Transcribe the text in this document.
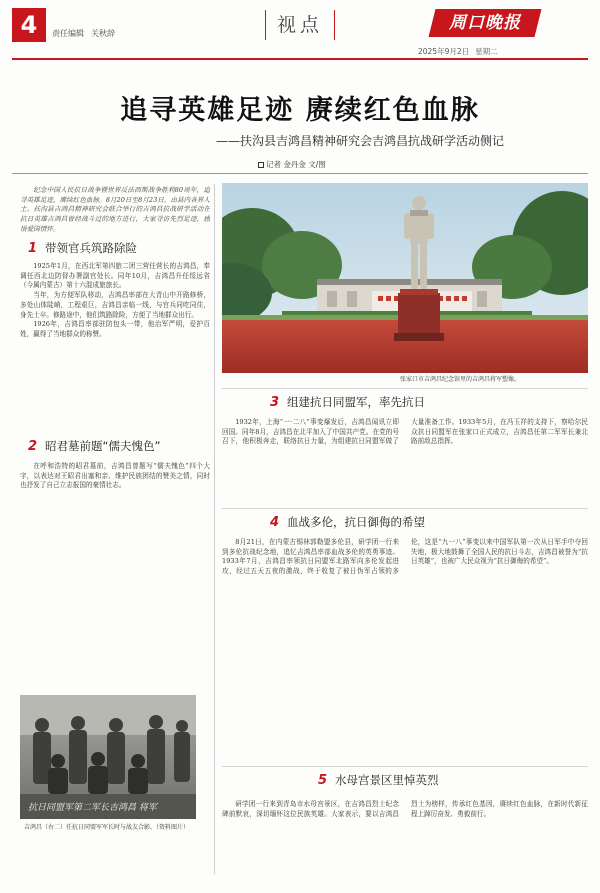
4	责任编辑 关秋辞	视点	周口晚报
2025年9月2日 星期二
追寻英雄足迹 赓续红色血脉
——扶沟县吉鸿昌精神研究会吉鸿昌抗战研学活动侧记
记者 金丹金 文/图

纪念中国人民抗日战争暨世界反法西斯战争胜利80周年，追寻英雄足迹，赓续红色血脉。8月20日至8月23日，由县内各界人士、扶沟县吉鸿昌精神研究会联合举行的吉鸿昌抗战研学活动在抗日英雄吉鸿昌曾经战斗过的地方进行，大家寻访先烈足迹，感悟爱国情怀。

1 带领官兵筑路除险

1925年1月，在西北军第四旅二团三营任营长的吉鸿昌，奉调任西北边防督办署副官处长。同年10月，吉鸿昌升任绥远省（今属内蒙古）第十六混成旅旅长。

当年，为方便军队移动，吉鸿昌率部在大青山中开路修桥，多处山体陡峭，工程艰巨，吉鸿昌亲临一线，与官兵同吃同住，身先士卒。修路途中，他们筑路除险，方便了当地群众出行。

1926年，吉鸿昌率部驻防包头一带，他治军严明，爱护百姓，赢得了当地群众的称赞。

2 昭君墓前题“儒夫愧色”

在呼和浩特的昭君墓前，吉鸿昌曾题写“儒夫愧色”四个大字，以表达对王昭君出塞和亲、维护民族团结的赞美之情，同时也抒发了自己立志报国的豪情壮志。

抗日同盟军第二军长吉鸿昌 将军
吉鸿昌（右二）任抗日同盟军军长时与战友合影。（资料图片）
张家口市吉鸿昌纪念馆里的吉鸿昌将军塑像。
3 组建抗日同盟军，率先抗日

1932年，上海“一·二八”事变爆发后，吉鸿昌闻讯立即回国。同年8月，吉鸿昌在北平加入了中国共产党。在党的号召下，他积极奔走，联络抗日力量，为组建抗日同盟军做了大量准备工作。1933年5月，在冯玉祥的支持下，察哈尔民众抗日同盟军在张家口正式成立，吉鸿昌任第二军军长兼北路前敌总指挥。

4 血战多伦，抗日御侮的希望

8月21日，在内蒙古锡林郭勒盟多伦县，研学团一行来到多伦抗战纪念地，追忆吉鸿昌率部血战多伦的英勇事迹。1933年7月，吉鸿昌率领抗日同盟军北路军向多伦发起进攻，经过五天五夜的激战，终于收复了被日伪军占领的多伦，这是“九一八”事变以来中国军队第一次从日军手中夺回失地，极大地鼓舞了全国人民的抗日斗志，吉鸿昌被誉为“抗日英雄”，也被广大民众视为“抗日御侮的希望”。

5 水母宫景区里悼英烈

研学团一行来到青岛市水母宫景区，在吉鸿昌烈士纪念碑前默哀，深切缅怀这位民族英雄。大家表示，要以吉鸿昌烈士为榜样，传承红色基因，赓续红色血脉，在新时代新征程上踔厉奋发、勇毅前行。
